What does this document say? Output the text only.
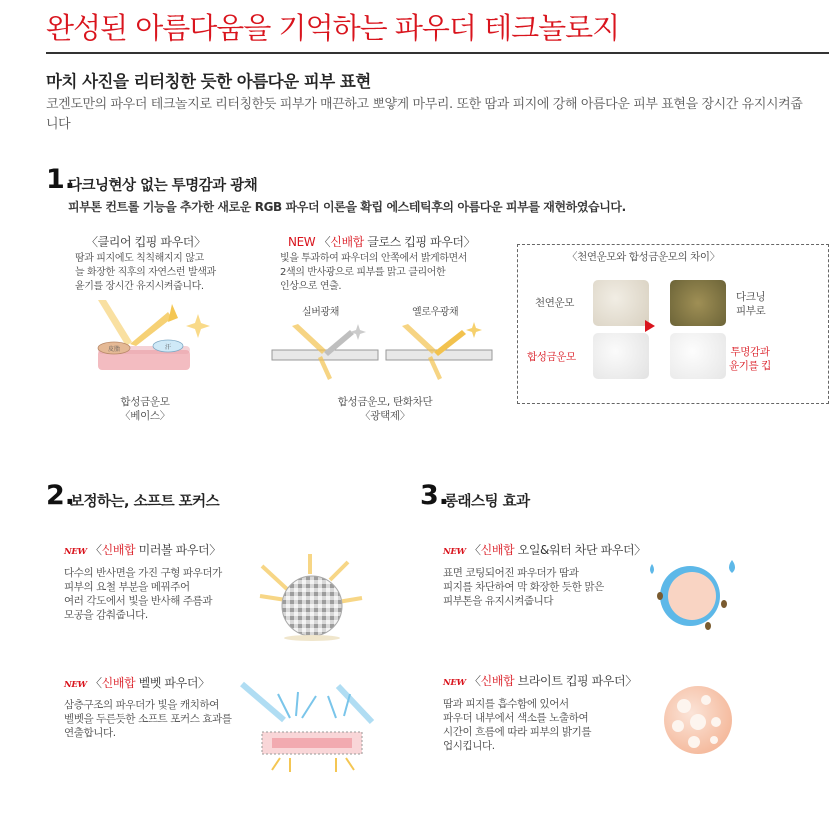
완성된 아름다움을 기억하는 파우더 테크놀로지
마치 사진을 리터칭한 듯한 아름다운 피부 표현
코겐도만의 파우더 테크놀지로 리터칭한듯 피부가 매끈하고 뽀얗게 마무리. 또한 땀과 피지에 강해 아름다운 피부 표현을 장시간 유지시켜줍니다
1.
다크닝현상 없는 투명감과 광채
피부톤 컨트롤 기능을 추가한 새로운 RGB 파우더 이론을 확립 에스테틱후의 아름다운 피부를 재현하였습니다.
〈클리어 킵핑 파우더〉
땀과 피지에도 칙칙해지지 않고
늘 화장한 직후의 자연스런 발색과
윤기를 장시간 유지시켜줍니다.
皮脂	汗
합성금운모
〈베이스〉
NEW 〈신배합 글로스 킵핑 파우더〉
빛을 투과하여 파우더의 안쪽에서 밝게하면서
2색의 반사광으로 피부를 맑고 클리어한
인상으로 연출.
실버광채	옐로우광채
합성금운모, 탄화차단
〈광택제〉
〈천연운모와 합성금운모의 차이〉
천연운모
합성금운모
다크닝
피부로
투명감과
윤기를 킵
2.
보정하는, 소프트 포커스
NEW 〈신배합 미러볼 파우더〉
다수의 반사면을 가진 구형 파우더가
피부의 요철 부분을 메꿔주어
여러 각도에서 빛을 반사해 주름과
모공을 감춰줍니다.
NEW 〈신배합 벨벳 파우더〉
삼층구조의 파우더가 빛을 캐치하여
벨벳을 두른듯한 소프트 포커스 효과를
연출합니다.
3.
롱래스팅 효과
NEW 〈신배합 오일&워터 차단 파우더〉
표면 코팅되어진 파우더가 땀과
피지를 차단하여 막 화장한 듯한 맑은
피부톤을 유지시켜줍니다
NEW 〈신배합 브라이트 킵핑 파우더〉
땀과 피지를 흡수함에 있어서
파우더 내부에서 색소를 노출하여
시간이 흐름에 따라 피부의 밝기를
업시킵니다.
